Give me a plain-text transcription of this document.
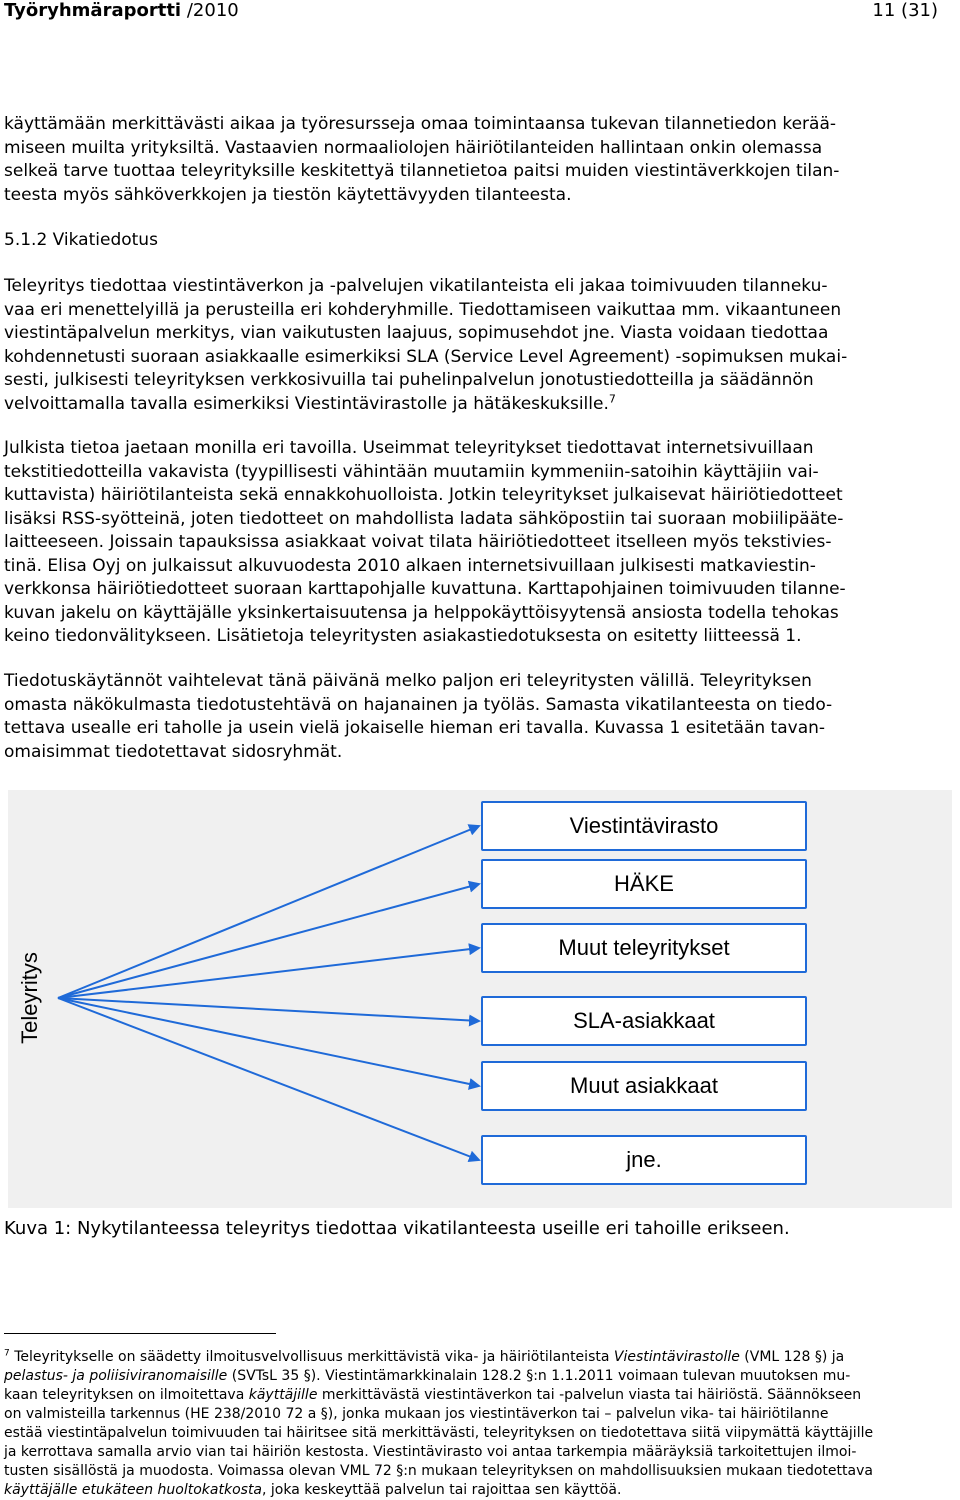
Työryhmäraportti /2010	11 (31)

käyttämään merkittävästi aikaa ja työresursseja omaa toimintaansa tukevan tilannetiedon kerää-
miseen muilta yrityksiltä. Vastaavien normaaliolojen häiriötilanteiden hallintaan onkin olemassa
selkeä tarve tuottaa teleyrityksille keskitettyä tilannetietoa paitsi muiden viestintäverkkojen tilan-
teesta myös sähköverkkojen ja tiestön käytettävyyden tilanteesta.

5.1.2 Vikatiedotus

Teleyritys tiedottaa viestintäverkon ja -palvelujen vikatilanteista eli jakaa toimivuuden tilanneku-
vaa eri menettelyillä ja perusteilla eri kohderyhmille. Tiedottamiseen vaikuttaa mm. vikaantuneen
viestintäpalvelun merkitys, vian vaikutusten laajuus, sopimusehdot jne. Viasta voidaan tiedottaa
kohdennetusti suoraan asiakkaalle esimerkiksi SLA (Service Level Agreement) -sopimuksen mukai-
sesti, julkisesti teleyrityksen verkkosivuilla tai puhelinpalvelun jonotustiedotteilla ja säädännön
velvoittamalla tavalla esimerkiksi Viestintävirastolle ja hätäkeskuksille.$^7$

Julkista tietoa jaetaan monilla eri tavoilla. Useimmat teleyritykset tiedottavat internetsivuillaan
tekstitiedotteilla vakavista (tyypillisesti vähintään muutamiin kymmeniin-satoihin käyttäjiin vai-
kuttavista) häiriötilanteista sekä ennakkohuolloista. Jotkin teleyritykset julkaisevat häiriötiedotteet
lisäksi RSS-syötteinä, joten tiedotteet on mahdollista ladata sähköpostiin tai suoraan mobiilipääte-
laitteeseen. Joissain tapauksissa asiakkaat voivat tilata häiriötiedotteet itselleen myös tekstivies-
tinä. Elisa Oyj on julkaissut alkuvuodesta 2010 alkaen internetsivuillaan julkisesti matkaviestin-
verkkonsa häiriötiedotteet suoraan karttapohjalle kuvattuna. Karttapohjainen toimivuuden tilanne-
kuvan jakelu on käyttäjälle yksinkertaisuutensa ja helppokäyttöisyytensä ansiosta todella tehokas
keino tiedonvälitykseen. Lisätietoja teleyritysten asiakastiedotuksesta on esitetty liitteessä 1.

Tiedotuskäytännöt vaihtelevat tänä päivänä melko paljon eri teleyritysten välillä. Teleyrityksen
omasta näkökulmasta tiedotustehtävä on hajanainen ja työläs. Samasta vikatilanteesta on tiedo-
tettava usealle eri taholle ja usein vielä jokaiselle hieman eri tavalla. Kuvassa 1 esitetään tavan-
omaisimmat tiedotettavat sidosryhmät.

Teleyritys
Viestintävirasto
HÄKE
Muut teleyritykset
SLA-asiakkaat
Muut asiakkaat
jne.

Kuva 1: Nykytilanteessa teleyritys tiedottaa vikatilanteesta useille eri tahoille erikseen.

$^7$ Teleyritykselle on säädetty ilmoitusvelvollisuus merkittävistä vika- ja häiriötilanteista Viestintävirastolle (VML 128 §) ja
pelastus- ja poliisiviranomaisille (SVTsL 35 §). Viestintämarkkinalain 128.2 §:n 1.1.2011 voimaan tulevan muutoksen mu-
kaan teleyrityksen on ilmoitettava käyttäjille merkittävästä viestintäverkon tai -palvelun viasta tai häiriöstä. Säännökseen
on valmisteilla tarkennus (HE 238/2010 72 a §), jonka mukaan jos viestintäverkon tai – palvelun vika- tai häiriötilanne
estää viestintäpalvelun toimivuuden tai häiritsee sitä merkittävästi, teleyrityksen on tiedotettava siitä viipymättä käyttäjille
ja kerrottava samalla arvio vian tai häiriön kestosta. Viestintävirasto voi antaa tarkempia määräyksiä tarkoitettujen ilmoi-
tusten sisällöstä ja muodosta. Voimassa olevan VML 72 §:n mukaan teleyrityksen on mahdollisuuksien mukaan tiedotettava
käyttäjälle etukäteen huoltokatkosta, joka keskeyttää palvelun tai rajoittaa sen käyttöä.
